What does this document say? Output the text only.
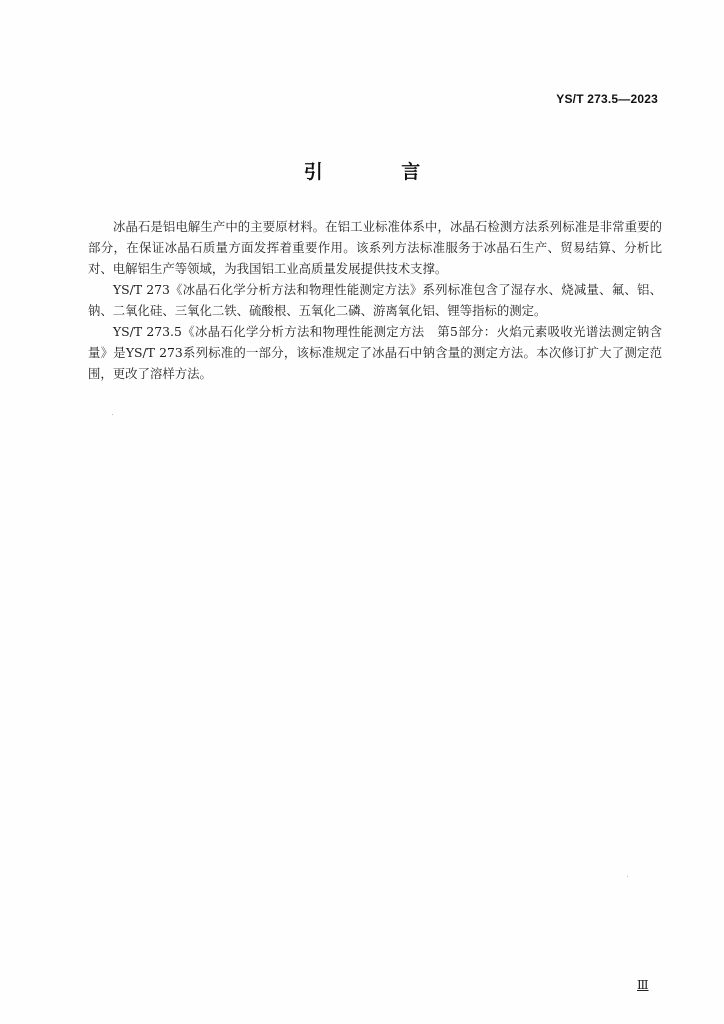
YS/T 273.5—2023
引 言

冰晶石是铝电解生产中的主要原材料。在铝工业标准体系中，冰晶石检测方法系列标准是非常重要的部分，在保证冰晶石质量方面发挥着重要作用。该系列方法标准服务于冰晶石生产、贸易结算、分析比对、电解铝生产等领域，为我国铝工业高质量发展提供技术支撑。

YS/T 273《冰晶石化学分析方法和物理性能测定方法》系列标准包含了湿存水、烧减量、氟、铝、钠、二氧化硅、三氧化二铁、硫酸根、五氧化二磷、游离氧化铝、锂等指标的测定。

YS/T 273.5《冰晶石化学分析方法和物理性能测定方法　第5部分：火焰元素吸收光谱法测定钠含量》是YS/T 273系列标准的一部分，该标准规定了冰晶石中钠含量的测定方法。本次修订扩大了测定范围，更改了溶样方法。

Ⅲ
